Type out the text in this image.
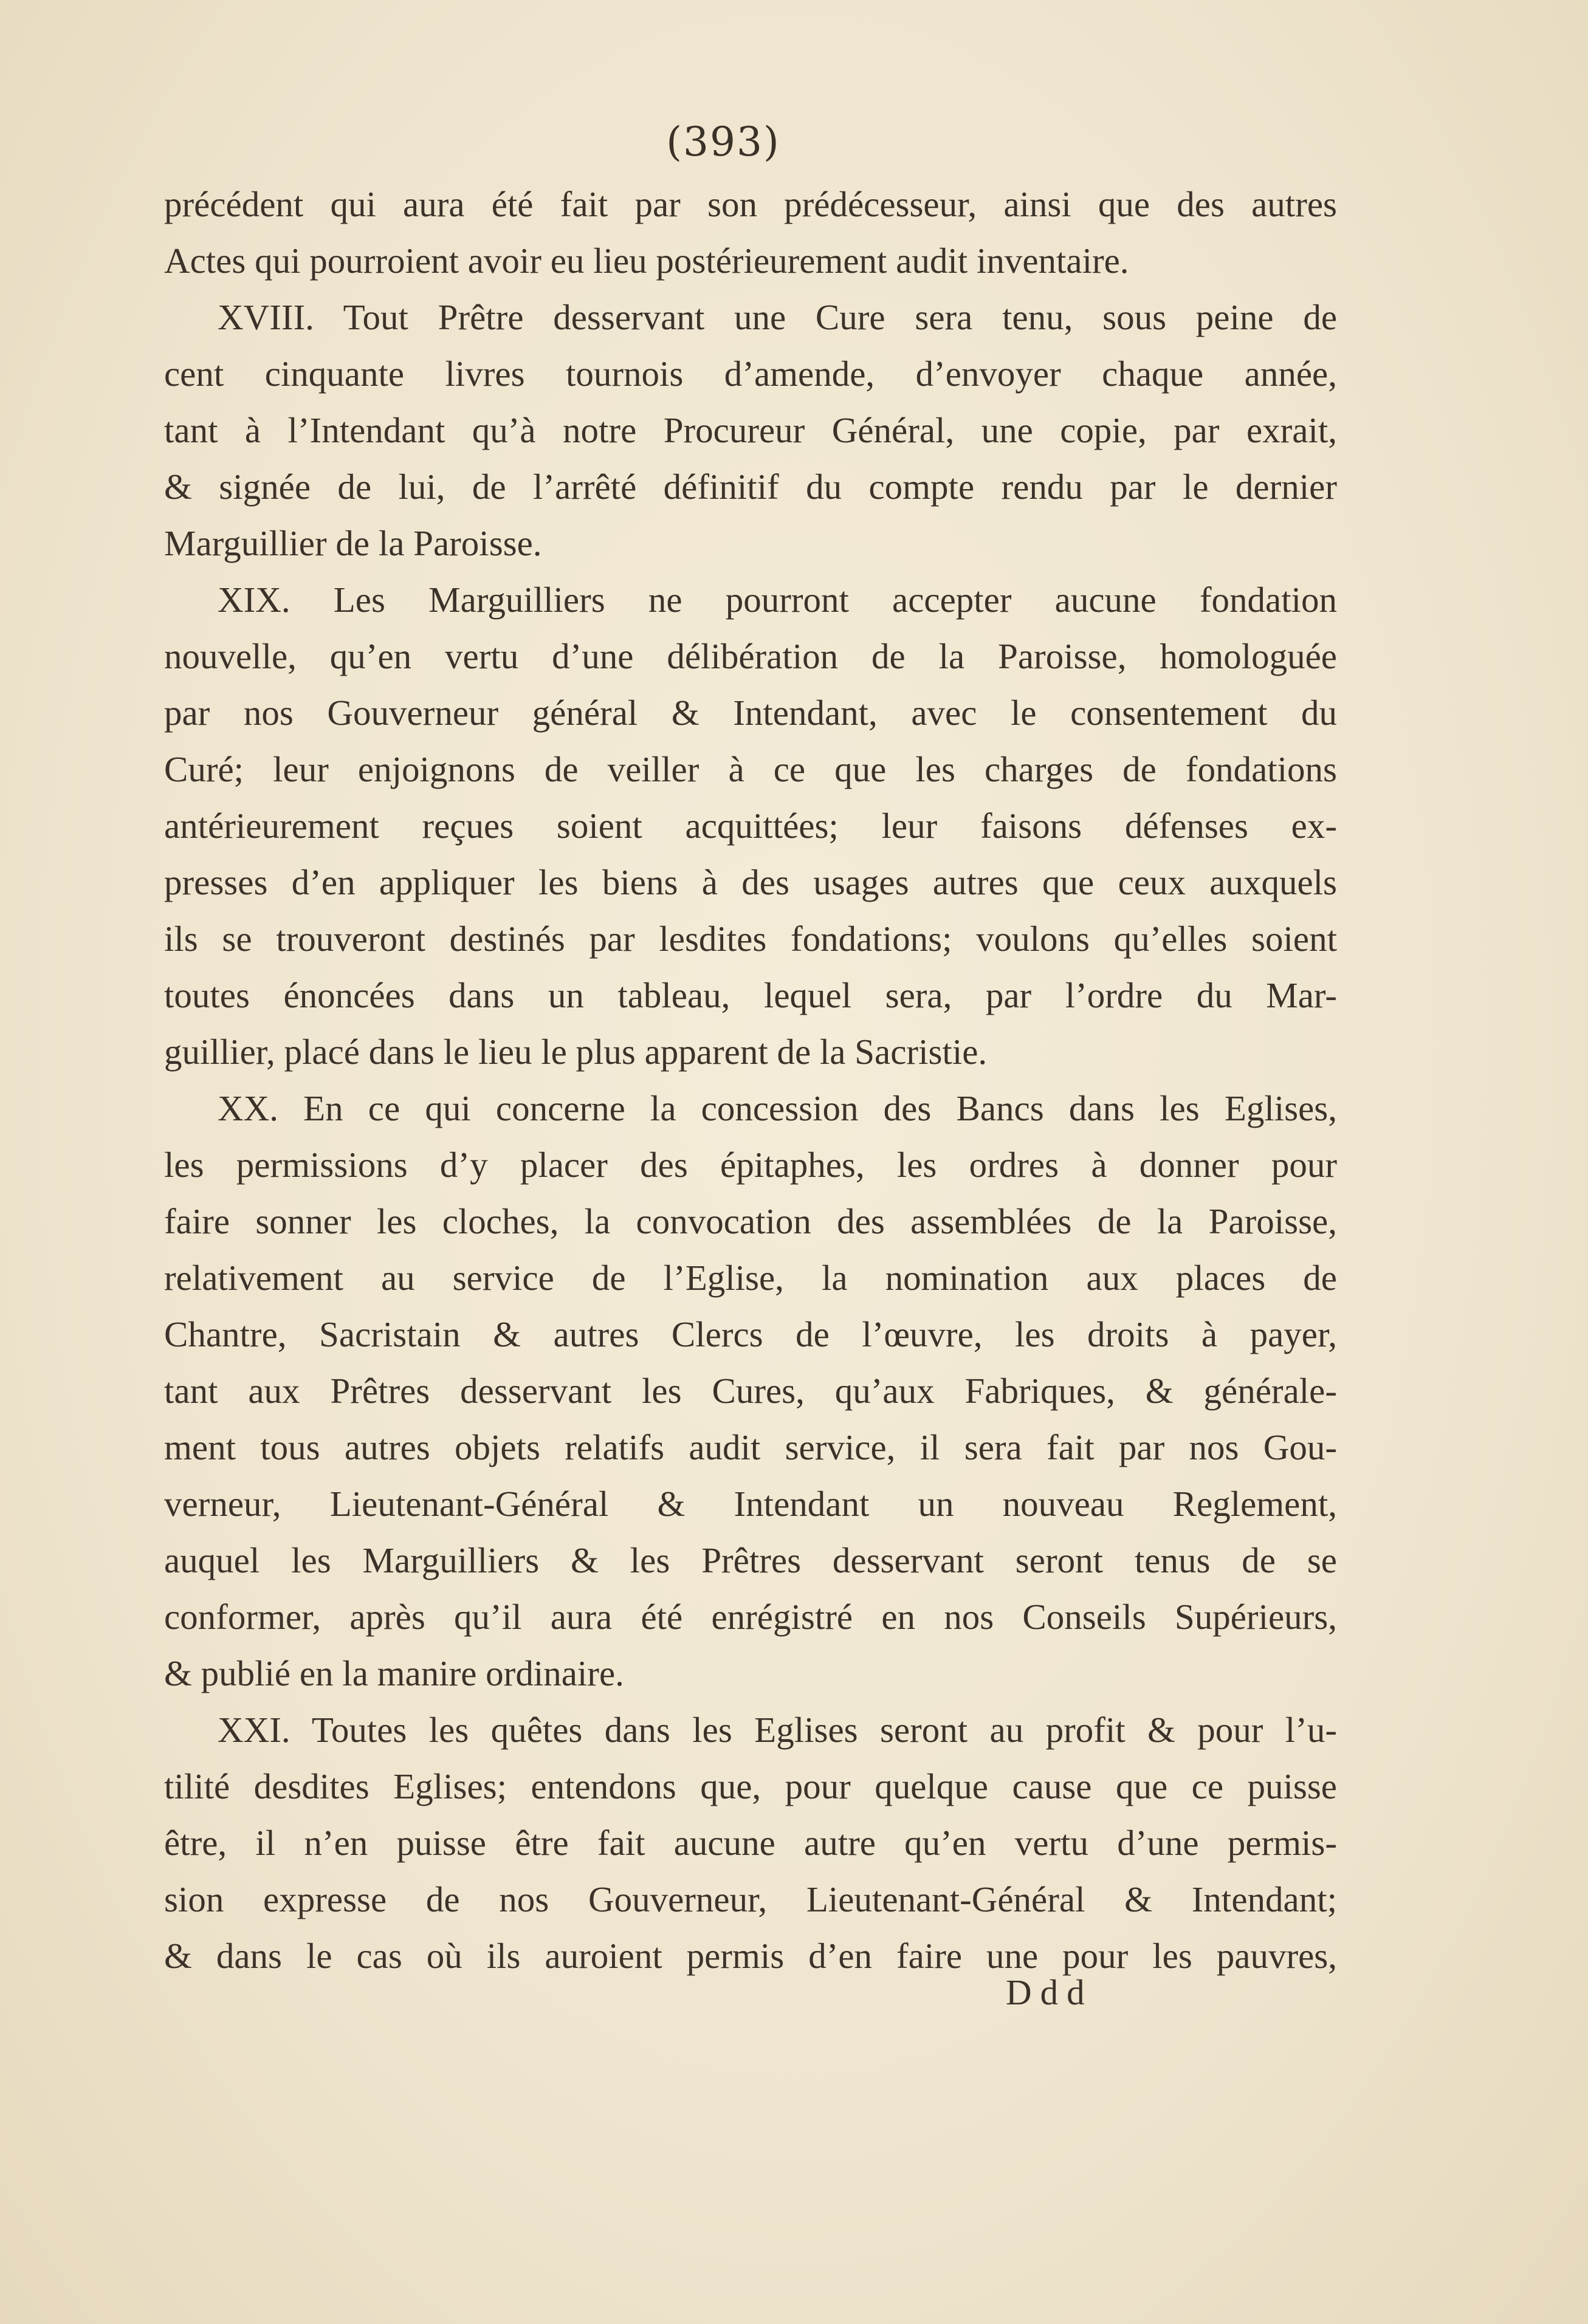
(393)
précédent qui aura été fait par son prédécesseur, ainsi que des autres
Actes qui pourroient avoir eu lieu postérieurement audit inventaire.
XVIII. Tout Prêtre desservant une Cure sera tenu, sous peine de
cent cinquante livres tournois d’amende, d’envoyer chaque année,
tant à l’Intendant qu’à notre Procureur Général, une copie, par exrait,
& signée de lui, de l’arrêté définitif du compte rendu par le dernier
Marguillier de la Paroisse.
XIX. Les Marguilliers ne pourront accepter aucune fondation
nouvelle, qu’en vertu d’une délibération de la Paroisse, homologuée
par nos Gouverneur général & Intendant, avec le consentement du
Curé; leur enjoignons de veiller à ce que les charges de fondations
antérieurement reçues soient acquittées; leur faisons défenses ex-
presses d’en appliquer les biens à des usages autres que ceux auxquels
ils se trouveront destinés par lesdites fondations; voulons qu’elles soient
toutes énoncées dans un tableau, lequel sera, par l’ordre du Mar-
guillier, placé dans le lieu le plus apparent de la Sacristie.
XX. En ce qui concerne la concession des Bancs dans les Eglises,
les permissions d’y placer des épitaphes, les ordres à donner pour
faire sonner les cloches, la convocation des assemblées de la Paroisse,
relativement au service de l’Eglise, la nomination aux places de
Chantre, Sacristain & autres Clercs de l’œuvre, les droits à payer,
tant aux Prêtres desservant les Cures, qu’aux Fabriques, & générale-
ment tous autres objets relatifs audit service, il sera fait par nos Gou-
verneur, Lieutenant-Général & Intendant un nouveau Reglement,
auquel les Marguilliers & les Prêtres desservant seront tenus de se
conformer, après qu’il aura été enrégistré en nos Conseils Supérieurs,
& publié en la manire ordinaire.
XXI. Toutes les quêtes dans les Eglises seront au profit & pour l’u-
tilité desdites Eglises; entendons que, pour quelque cause que ce puisse
être, il n’en puisse être fait aucune autre qu’en vertu d’une permis-
sion expresse de nos Gouverneur, Lieutenant-Général & Intendant;
& dans le cas où ils auroient permis d’en faire une pour les pauvres,
Ddd
